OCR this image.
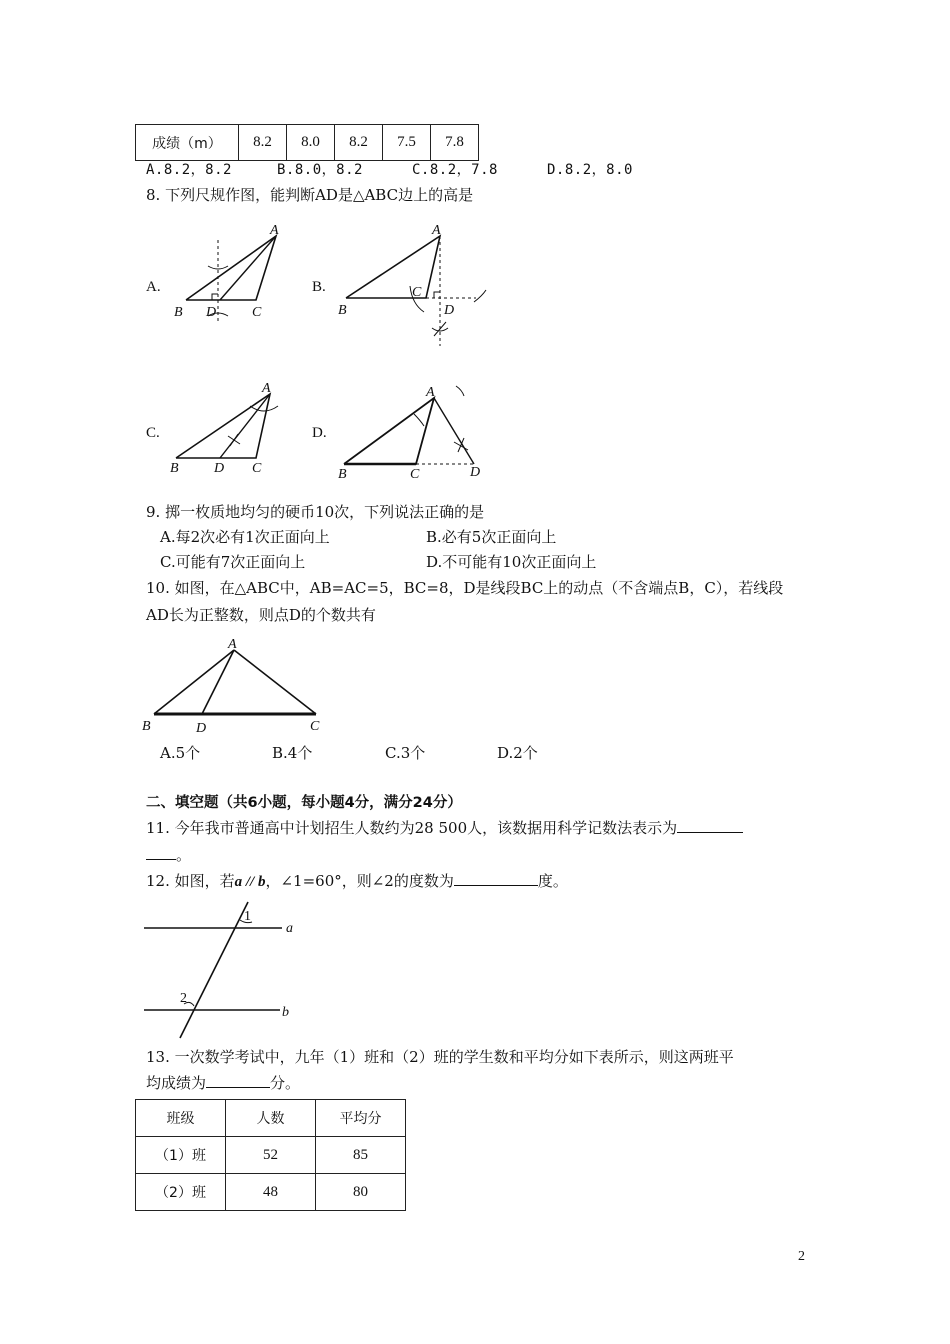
成绩（m）	8.2	8.0	8.2	7.5	7.8
A.8.2，8.2	B.8.0，8.2	C.8.2，7.8	D.8.2，8.0
8. 下列尺规作图，能判断AD是△ABC边上的高是
A.
A
B D	C
B.
A
B
C
D
C.
A
B	D C
D.
A
B	C	D
9. 掷一枚质地均匀的硬币10次，下列说法正确的是
A.每2次必有1次正面向上	B.必有5次正面向上
C.可能有7次正面向上	D.不可能有10次正面向上
10. 如图，在△ABC中，AB=AC=5，BC=8，D是线段BC上的动点（不含端点B，C），若线段
AD长为正整数，则点D的个数共有
A
B	D	C
A.5个	B.4个	C.3个	D.2个
二、填空题（共6小题，每小题4分，满分24分）
11. 今年我市普通高中计划招生人数约为28 500人，该数据用科学记数法表示为
。
12. 如图，若a // b，∠1=60°，则∠2的度数为	度。
1
2
a
b
13. 一次数学考试中，九年（1）班和（2）班的学生数和平均分如下表所示，则这两班平
均成绩为	分。
班级	人数	平均分
（1）班	52	85
（2）班	48	80
2
